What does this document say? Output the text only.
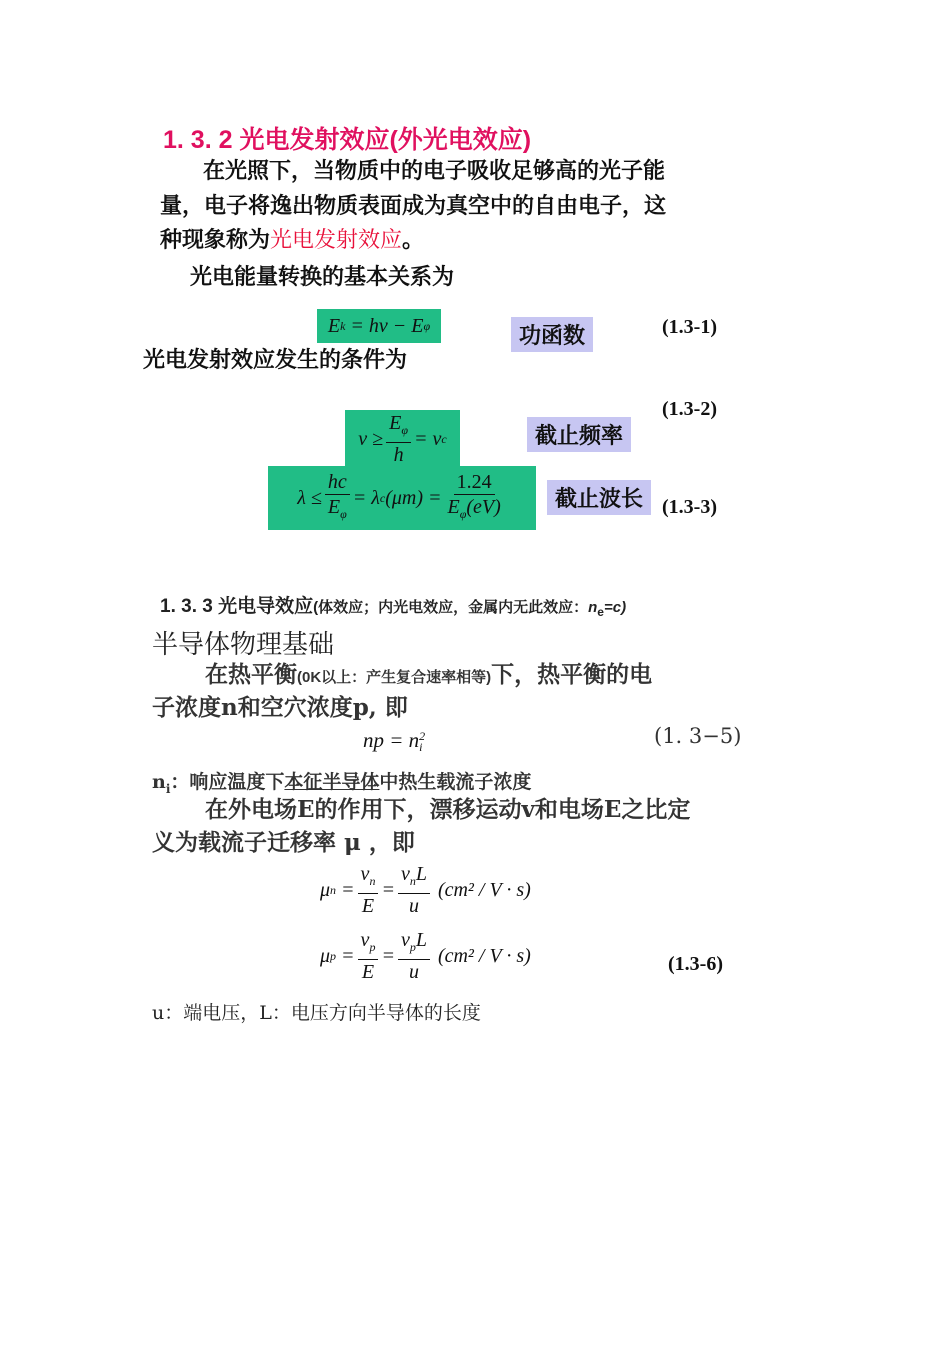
1. 3. 2 光电发射效应(外光电效应)
在光照下，当物质中的电子吸收足够高的光子能
量，电子将逸出物质表面成为真空中的自由电子，这
种现象称为光电发射效应。
光电能量转换的基本关系为
E k
= hν − E φ	功函数	(1.3-1)
光电发射效应发生的条件为
(1.3-2)
$\nu \ge \frac{E_\varphi}{h} = \nu$ c	截止频率
$\lambda \le \frac{hc}{E_\varphi} = \lambda$ c $(\mu m) = \frac{1.24}{E_\varphi(eV)}$	截止波长 (1.3-3)
1. 3. 3 光电导效应(体效应；内光电效应，金属内无此效应：$n_e=c$)
半导体物理基础
在热平衡(0K以上：产生复合速率相等)下，热平衡的电
子浓度n和空穴浓度p, 即
np = n 2
i	(1. 3−5)
$n_i$：响应温度下本征半导体中热生载流子浓度
在外电场E的作用下，漂移运动v和电场E之比定
义为载流子迁移率 μ ，即
μ $n = \frac{v_n}{E} = \frac{v_nL}{u}$
(cm² / V · s)
μ $p = \frac{v_p}{E} = \frac{v_pL}{u}$
(cm² / V · s)	(1.3-6)
u：端电压，L：电压方向半导体的长度
